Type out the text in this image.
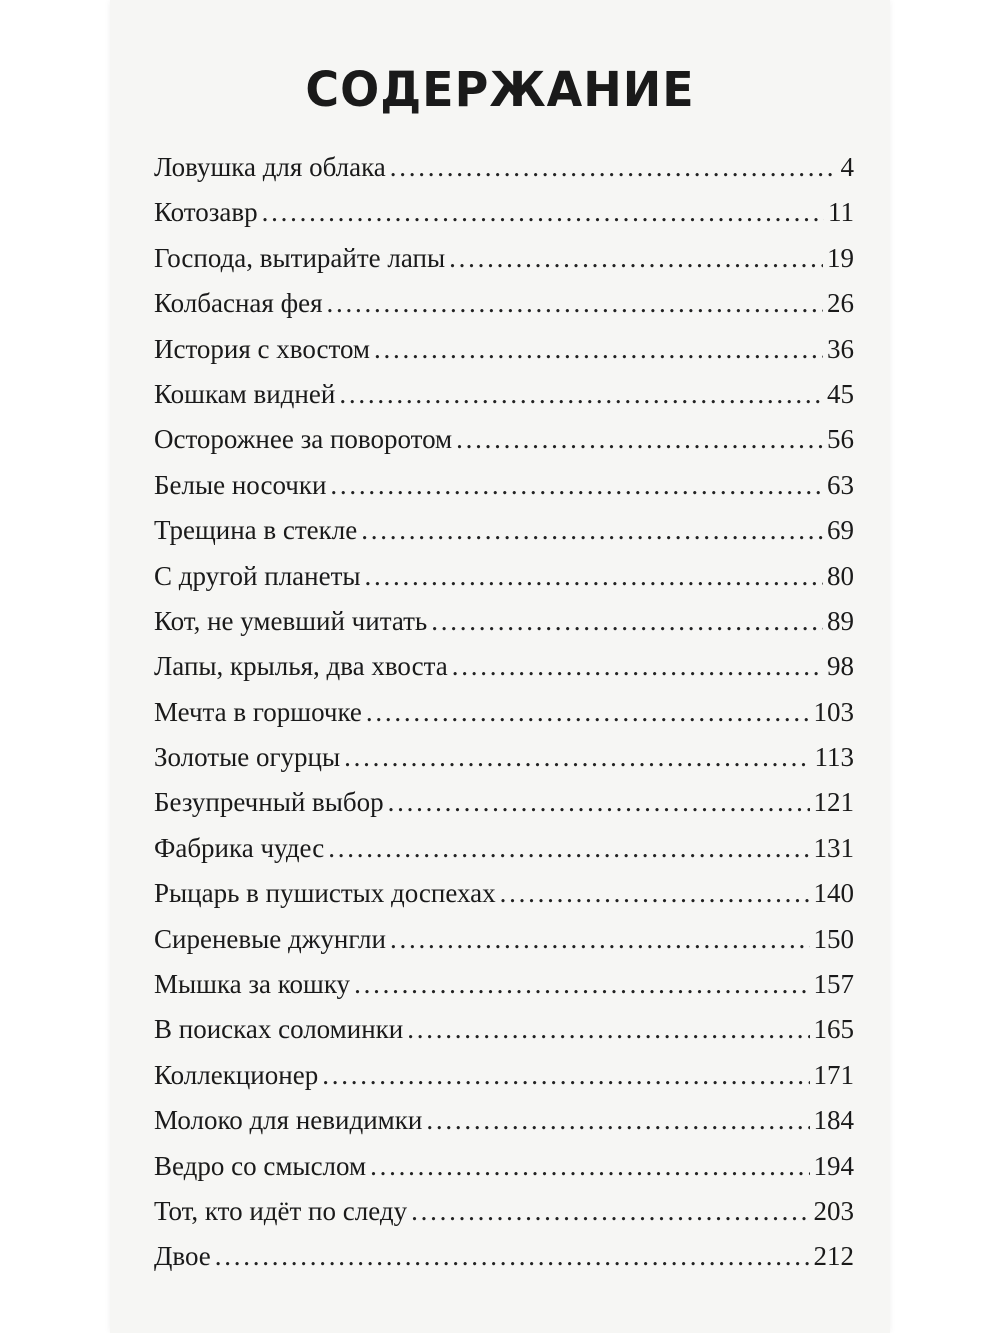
СОДЕРЖАНИЕ
Ловушка для облака . . .	4
Котозавр . . .	11
Господа, вытирайте лапы . . .	19
Колбасная фея . . .	26
История с хвостом . . .	36
Кошкам видней . . .	45
Осторожнее за поворотом . . .	56
Белые носочки . . .	63
Трещина в стекле . . .	69
С другой планеты . . .	80
Кот, не умевший читать . . .	89
Лапы, крылья, два хвоста . . .	98
Мечта в горшочке . . .	103
Золотые огурцы . . .	113
Безупречный выбор . . .	121
Фабрика чудес . . .	131
Рыцарь в пушистых доспехах . . .	140
Сиреневые джунгли . . .	150
Мышка за кошку . . .	157
В поисках соломинки . . .	165
Коллекционер . . .	171
Молоко для невидимки . . .	184
Ведро со смыслом . . .	194
Тот, кто идёт по следу . . .	203
Двое . . .	212
